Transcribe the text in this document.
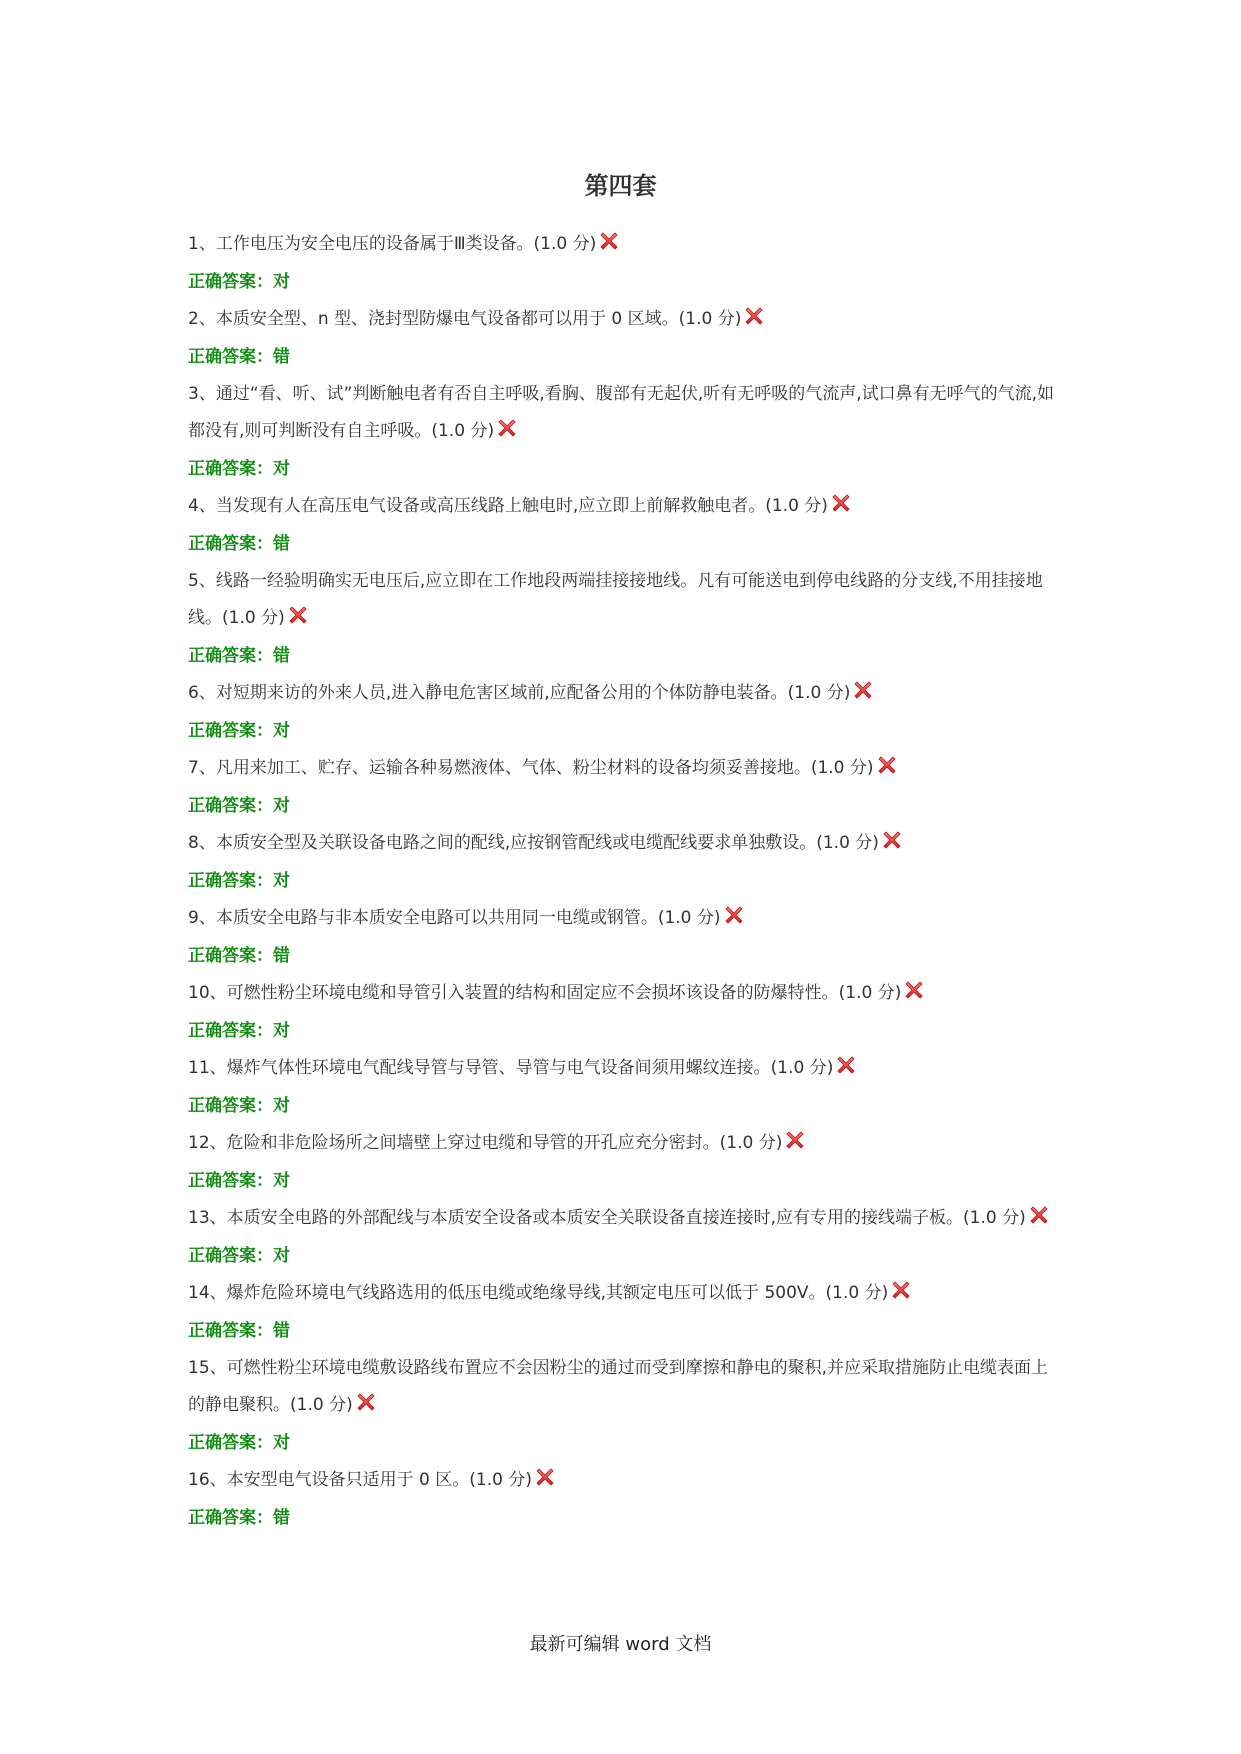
第四套
1、工作电压为安全电压的设备属于Ⅲ类设备。(1.0 分)
正确答案：对
2、本质安全型、n 型、浇封型防爆电气设备都可以用于 0 区域。(1.0 分)
正确答案：错
3、通过“看、听、试”判断触电者有否自主呼吸,看胸、腹部有无起伏,听有无呼吸的气流声,试口鼻有无呼气的气流,如都没有,则可判断没有自主呼吸。(1.0 分)
正确答案：对
4、当发现有人在高压电气设备或高压线路上触电时,应立即上前解救触电者。(1.0 分)
正确答案：错
5、线路一经验明确实无电压后,应立即在工作地段两端挂接接地线。凡有可能送电到停电线路的分支线,不用挂接地线。(1.0 分)
正确答案：错
6、对短期来访的外来人员,进入静电危害区域前,应配备公用的个体防静电装备。(1.0 分)
正确答案：对
7、凡用来加工、贮存、运输各种易燃液体、气体、粉尘材料的设备均须妥善接地。(1.0 分)
正确答案：对
8、本质安全型及关联设备电路之间的配线,应按钢管配线或电缆配线要求单独敷设。(1.0 分)
正确答案：对
9、本质安全电路与非本质安全电路可以共用同一电缆或钢管。(1.0 分)
正确答案：错
10、可燃性粉尘环境电缆和导管引入装置的结构和固定应不会损坏该设备的防爆特性。(1.0 分)
正确答案：对
11、爆炸气体性环境电气配线导管与导管、导管与电气设备间须用螺纹连接。(1.0 分)
正确答案：对
12、危险和非危险场所之间墙壁上穿过电缆和导管的开孔应充分密封。(1.0 分)
正确答案：对
13、本质安全电路的外部配线与本质安全设备或本质安全关联设备直接连接时,应有专用的接线端子板。(1.0 分)
正确答案：对
14、爆炸危险环境电气线路选用的低压电缆或绝缘导线,其额定电压可以低于 500V。(1.0 分)
正确答案：错
15、可燃性粉尘环境电缆敷设路线布置应不会因粉尘的通过而受到摩擦和静电的聚积,并应采取措施防止电缆表面上的静电聚积。(1.0 分)
正确答案：对
16、本安型电气设备只适用于 0 区。(1.0 分)
正确答案：错
最新可编辑 word 文档
